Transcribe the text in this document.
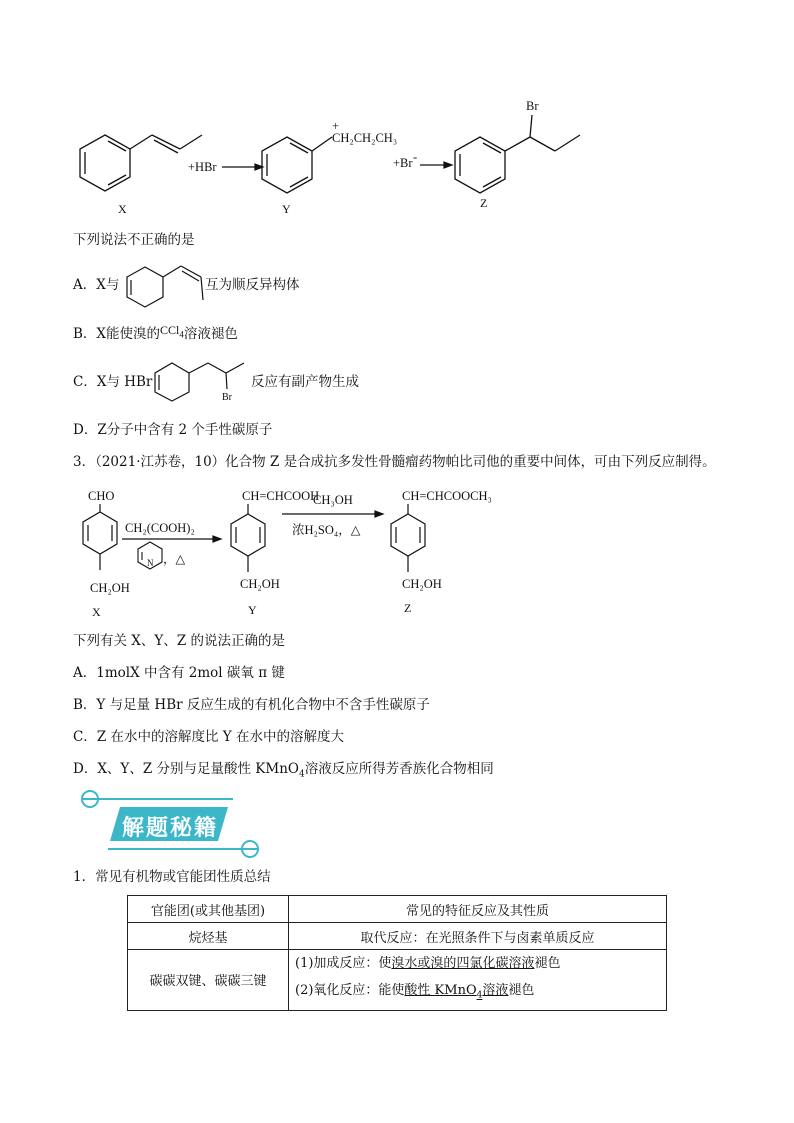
X
+HBr
+
CH₂CH₂CH₃
Y
+Br -
Br
Z
下列说法不正确的是
A．X与	互为顺反异构体
B．X能使溴的CCl$_4$溶液褪色
C．X与 HBr
Br
反应有副产物生成
D．Z分子中含有 2 个手性碳原子
3．（2021·江苏卷，10）化合物 Z 是合成抗多发性骨髓瘤药物帕比司他的重要中间体，可由下列反应制得。
CHO
CH₂OH
X
CH₂(COOH)₂
N ，△
CH=CHCOOH
CH₂OH
Y
CH₃OH
浓H₂SO₄，△
CH=CHCOOCH₃
CH₂OH
Z
下列有关 X、Y、Z 的说法正确的是
A．1molX 中含有 2mol 碳氧 π 键
B．Y 与足量 HBr 反应生成的有机化合物中不含手性碳原子
C．Z 在水中的溶解度比 Y 在水中的溶解度大
D．X、Y、Z 分别与足量酸性 KMnO$_4$溶液反应所得芳香族化合物相同
解题秘籍
1．常见有机物或官能团性质总结
官能团(或其他基团)	常见的特征反应及其性质
烷烃基	取代反应：在光照条件下与卤素单质反应
碳碳双键、碳碳三键	(1)加成反应：使溴水或溴的四氯化碳溶液褪色
(2)氧化反应：能使酸性 KMnO$_4$溶液褪色
